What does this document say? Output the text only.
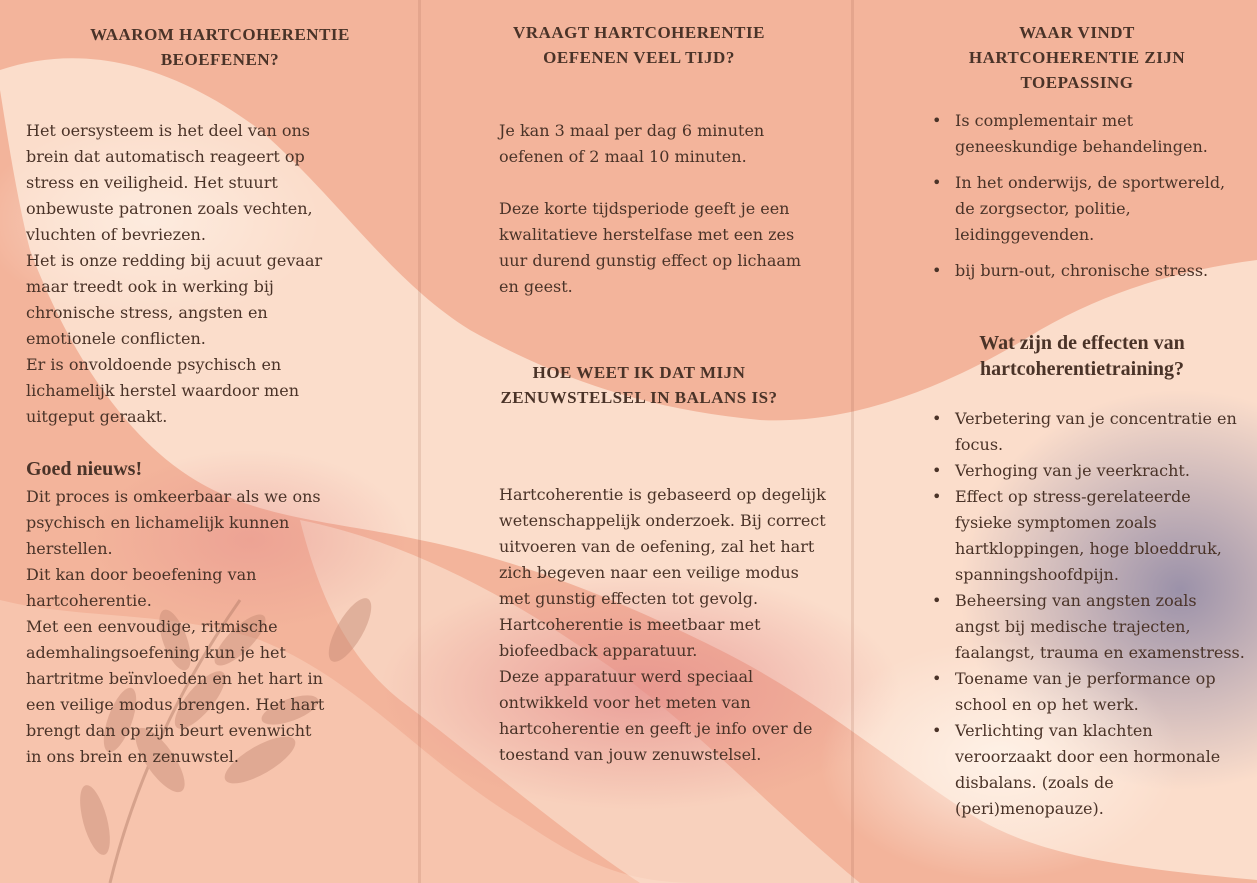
WAAROM HARTCOHERENTIE BEOEFENEN?

Het oersysteem is het deel van ons brein dat automatisch reageert op stress en veiligheid. Het stuurt onbewuste patronen zoals vechten, vluchten of bevriezen.
Het is onze redding bij acuut gevaar maar treedt ook in werking bij chronische stress, angsten en emotionele conflicten.
Er is onvoldoende psychisch en lichamelijk herstel waardoor men uitgeput geraakt.

Goed nieuws!

Dit proces is omkeerbaar als we ons psychisch en lichamelijk kunnen herstellen.
Dit kan door beoefening van hartcoherentie.
Met een eenvoudige, ritmische ademhalingsoefening kun je het hartritme beïnvloeden en het hart in een veilige modus brengen. Het hart brengt dan op zijn beurt evenwicht in ons brein en zenuwstel.

VRAAGT HARTCOHERENTIE OEFENEN VEEL TIJD?

Je kan 3 maal per dag 6 minuten oefenen of 2 maal 10 minuten.

Deze korte tijdsperiode geeft je een kwalitatieve herstelfase met een zes uur durend gunstig effect op lichaam en geest.

HOE WEET IK DAT MIJN ZENUWSTELSEL IN BALANS IS?

Hartcoherentie is gebaseerd op degelijk wetenschappelijk onderzoek. Bij correct uitvoeren van de oefening, zal het hart zich begeven naar een veilige modus met gunstig effecten tot gevolg. Hartcoherentie is meetbaar met biofeedback apparatuur.
Deze apparatuur werd speciaal ontwikkeld voor het meten van hartcoherentie en geeft je info over de toestand van jouw zenuwstelsel.

WAAR VINDT HARTCOHERENTIE ZIJN TOEPASSING
• Is complementair met geneeskundige behandelingen.
• In het onderwijs, de sportwereld, de zorgsector, politie, leidinggevenden.
• bij burn-out, chronische stress.
Wat zijn de effecten van hartcoherentietraining?
• Verbetering van je concentratie en focus.
• Verhoging van je veerkracht.
• Effect op stress-gerelateerde fysieke symptomen zoals hartkloppingen, hoge bloeddruk, spanningshoofdpijn.
• Beheersing van angsten zoals angst bij medische trajecten, faalangst, trauma en examenstress.
• Toename van je performance op school en op het werk.
• Verlichting van klachten veroorzaakt door een hormonale disbalans. (zoals de (peri)menopauze).
